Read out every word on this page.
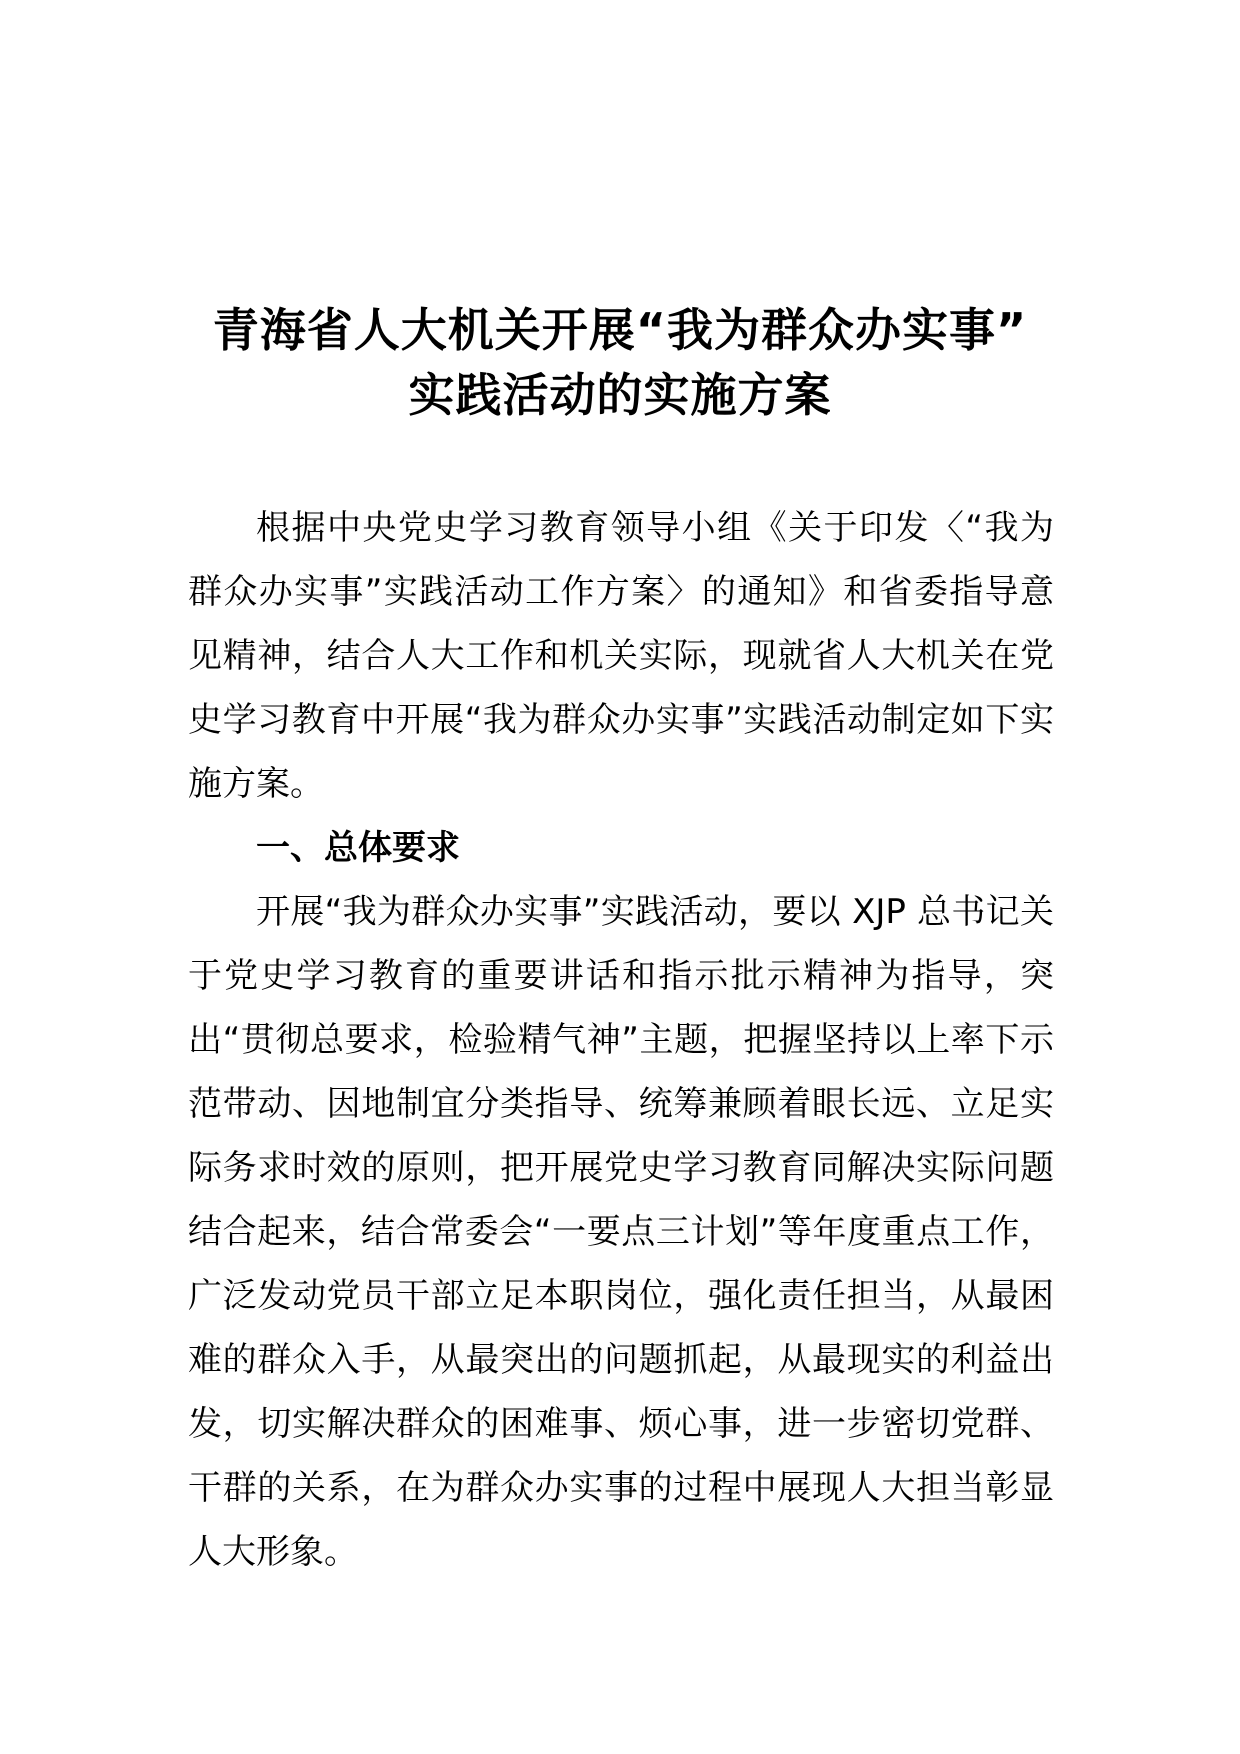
青海省人大机关开展“我为群众办实事”
实践活动的实施方案

根据中央党史学习教育领导小组《关于印发〈“我为群众办实事”实践活动工作方案〉的通知》和省委指导意见精神，结合人大工作和机关实际，现就省人大机关在党史学习教育中开展“我为群众办实事”实践活动制定如下实施方案。

一、总体要求

开展“我为群众办实事”实践活动，要以 XJP 总书记关于党史学习教育的重要讲话和指示批示精神为指导，突出“贯彻总要求，检验精气神”主题，把握坚持以上率下示范带动、因地制宜分类指导、统筹兼顾着眼长远、立足实际务求时效的原则，把开展党史学习教育同解决实际问题结合起来，结合常委会“一要点三计划”等年度重点工作，广泛发动党员干部立足本职岗位，强化责任担当，从最困难的群众入手，从最突出的问题抓起，从最现实的利益出发，切实解决群众的困难事、烦心事，进一步密切党群、干群的关系，在为群众办实事的过程中展现人大担当彰显人大形象。
